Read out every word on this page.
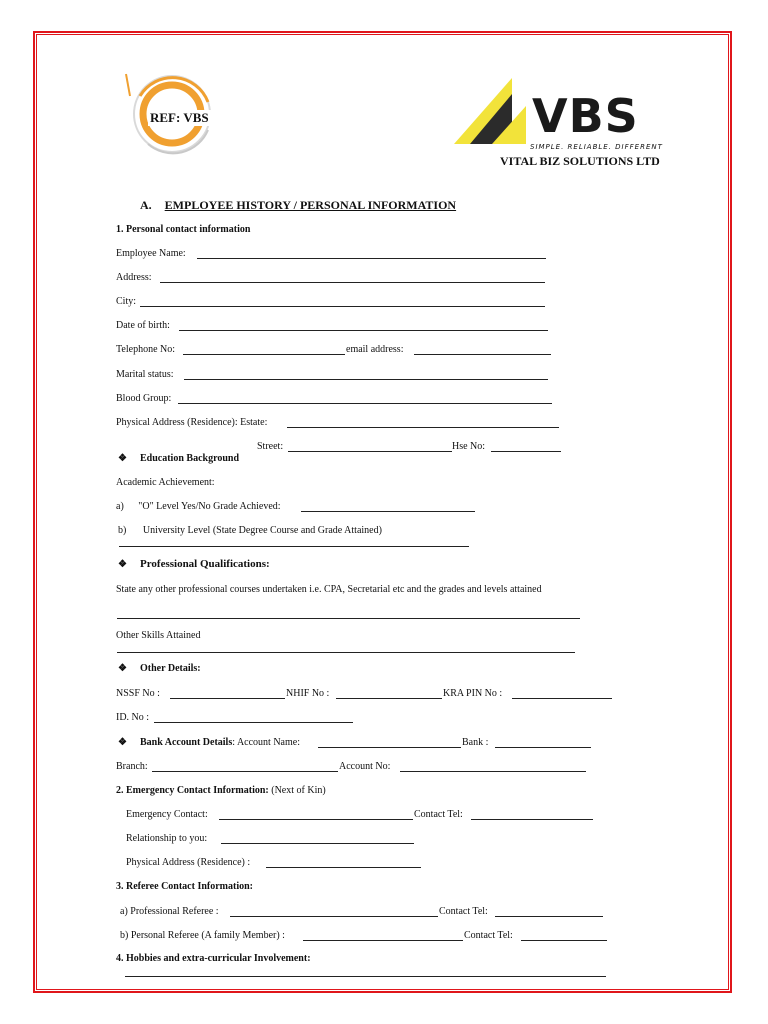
REF: VBS	VBS
SIMPLE. RELIABLE. DIFFERENT
VITAL BIZ SOLUTIONS LTD
A. EMPLOYEE HISTORY / PERSONAL INFORMATION
1. Personal contact information
Employee Name:
Address:
City:
Date of birth:
Telephone No:	email address:
Marital status:
Blood Group:
Physical Address (Residence): Estate:
Street:	Hse No:
❖ Education Background
Academic Achievement:
a) "O" Level Yes/No Grade Achieved:
b) University Level (State Degree Course and Grade Attained)
❖ Professional Qualifications:
State any other professional courses undertaken i.e. CPA, Secretarial etc and the grades and levels attained
Other Skills Attained
❖ Other Details:
NSSF No :	NHIF No :	KRA PIN No :
ID. No :
❖ Bank Account Details: Account Name:	Bank :
Branch:	Account No:
2. Emergency Contact Information: (Next of Kin)
Emergency Contact:	Contact Tel:
Relationship to you:
Physical Address (Residence) :
3. Referee Contact Information:
a) Professional Referee :	Contact Tel:
b) Personal Referee (A family Member) :	Contact Tel:
4. Hobbies and extra-curricular Involvement:
